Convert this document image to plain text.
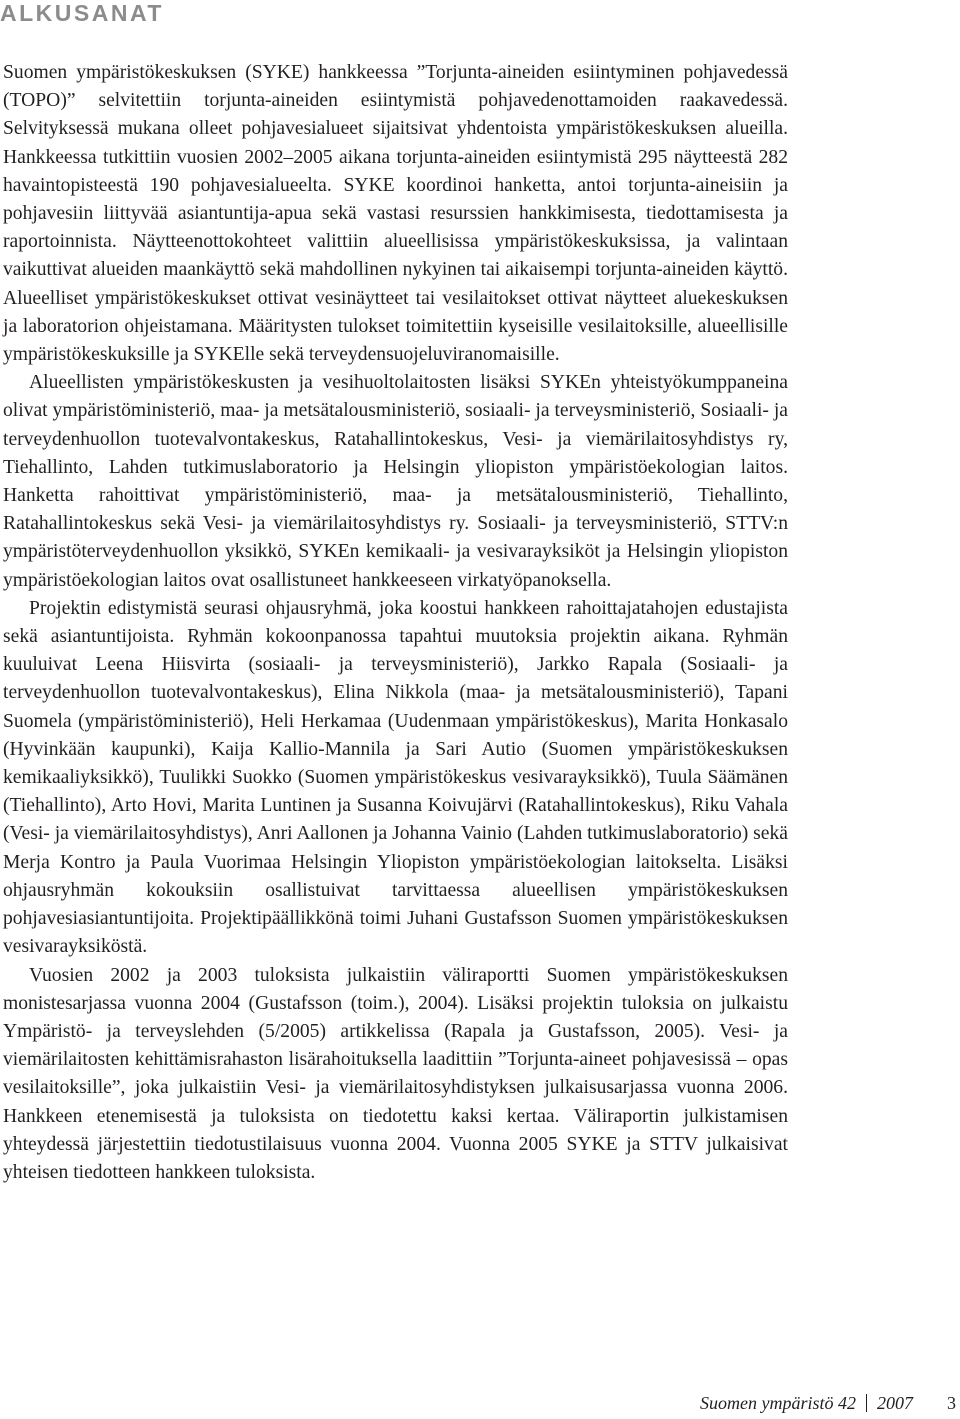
ALKUSANAT

Suomen ympäristökeskuksen (SYKE) hankkeessa ”Torjunta-aineiden esiintyminen pohjavedessä (TOPO)” selvitettiin torjunta-aineiden esiintymistä pohjavedenottamoiden raakavedessä. Selvityksessä mukana olleet pohjavesialueet sijaitsivat yhdentoista ympäristökeskuksen alueilla. Hankkeessa tutkittiin vuosien 2002–2005 aikana torjunta-aineiden esiintymistä 295 näytteestä 282 havaintopisteestä 190 pohjavesialueelta. SYKE koordinoi hanketta, antoi torjunta-aineisiin ja pohjavesiin liittyvää asiantuntija-apua sekä vastasi resurssien hankkimisesta, tiedottamisesta ja raportoinnista. Näytteenottokohteet valittiin alueellisissa ympäristökeskuksissa, ja valintaan vaikuttivat alueiden maankäyttö sekä mahdollinen nykyinen tai aikaisempi torjunta-aineiden käyttö. Alueelliset ympäristökeskukset ottivat vesinäytteet tai vesilaitokset ottivat näytteet aluekeskuksen ja laboratorion ohjeistamana. Määritysten tulokset toimitettiin kyseisille vesilaitoksille, alueellisille ympäristökeskuksille ja SYKElle sekä terveydensuojeluviranomaisille.

Alueellisten ympäristökeskusten ja vesihuoltolaitosten lisäksi SYKEn yhteistyökumppaneina olivat ympäristöministeriö, maa- ja metsätalousministeriö, sosiaali- ja terveysministeriö, Sosiaali- ja terveydenhuollon tuotevalvontakeskus, Ratahallintokeskus, Vesi- ja viemärilaitosyhdistys ry, Tiehallinto, Lahden tutkimuslaboratorio ja Helsingin yliopiston ympäristöekologian laitos. Hanketta rahoittivat ympäristöministeriö, maa- ja metsätalousministeriö, Tiehallinto, Ratahallintokeskus sekä Vesi- ja viemärilaitosyhdistys ry. Sosiaali- ja terveysministeriö, STTV:n ympäristöterveydenhuollon yksikkö, SYKEn kemikaali- ja vesivarayksiköt ja Helsingin yliopiston ympäristöekologian laitos ovat osallistuneet hankkeeseen virkatyöpanoksella.

Projektin edistymistä seurasi ohjausryhmä, joka koostui hankkeen rahoittajatahojen edustajista sekä asiantuntijoista. Ryhmän kokoonpanossa tapahtui muutoksia projektin aikana. Ryhmän kuuluivat Leena Hiisvirta (sosiaali- ja terveysministeriö), Jarkko Rapala (Sosiaali- ja terveydenhuollon tuotevalvontakeskus), Elina Nikkola (maa- ja metsätalousministeriö), Tapani Suomela (ympäristöministeriö), Heli Herkamaa (Uudenmaan ympäristökeskus), Marita Honkasalo (Hyvinkään kaupunki), Kaija Kallio-Mannila ja Sari Autio (Suomen ympäristökeskuksen kemikaaliyksikkö), Tuulikki Suokko (Suomen ympäristökeskus vesivarayksikkö), Tuula Säämänen (Tiehallinto), Arto Hovi, Marita Luntinen ja Susanna Koivujärvi (Ratahallintokeskus), Riku Vahala (Vesi- ja viemärilaitosyhdistys), Anri Aallonen ja Johanna Vainio (Lahden tutkimuslaboratorio) sekä Merja Kontro ja Paula Vuorimaa Helsingin Yliopiston ympäristöekologian laitokselta. Lisäksi ohjausryhmän kokouksiin osallistuivat tarvittaessa alueellisen ympäristökeskuksen pohjavesiasiantuntijoita. Projektipäällikkönä toimi Juhani Gustafsson Suomen ympäristökeskuksen vesivarayksiköstä.

Vuosien 2002 ja 2003 tuloksista julkaistiin väliraportti Suomen ympäristökeskuksen monistesarjassa vuonna 2004 (Gustafsson (toim.), 2004). Lisäksi projektin tuloksia on julkaistu Ympäristö- ja terveyslehden (5/2005) artikkelissa (Rapala ja Gustafsson, 2005). Vesi- ja viemärilaitosten kehittämisrahaston lisärahoituksella laadittiin ”Torjunta-aineet pohjavesissä – opas vesilaitoksille”, joka julkaistiin Vesi- ja viemärilaitosyhdistyksen julkaisusarjassa vuonna 2006. Hankkeen etenemisestä ja tuloksista on tiedotettu kaksi kertaa. Väliraportin julkistamisen yhteydessä järjestettiin tiedotustilaisuus vuonna 2004. Vuonna 2005 SYKE ja STTV julkaisivat yhteisen tiedotteen hankkeen tuloksista.

Suomen ympäristö 42 2007 3
